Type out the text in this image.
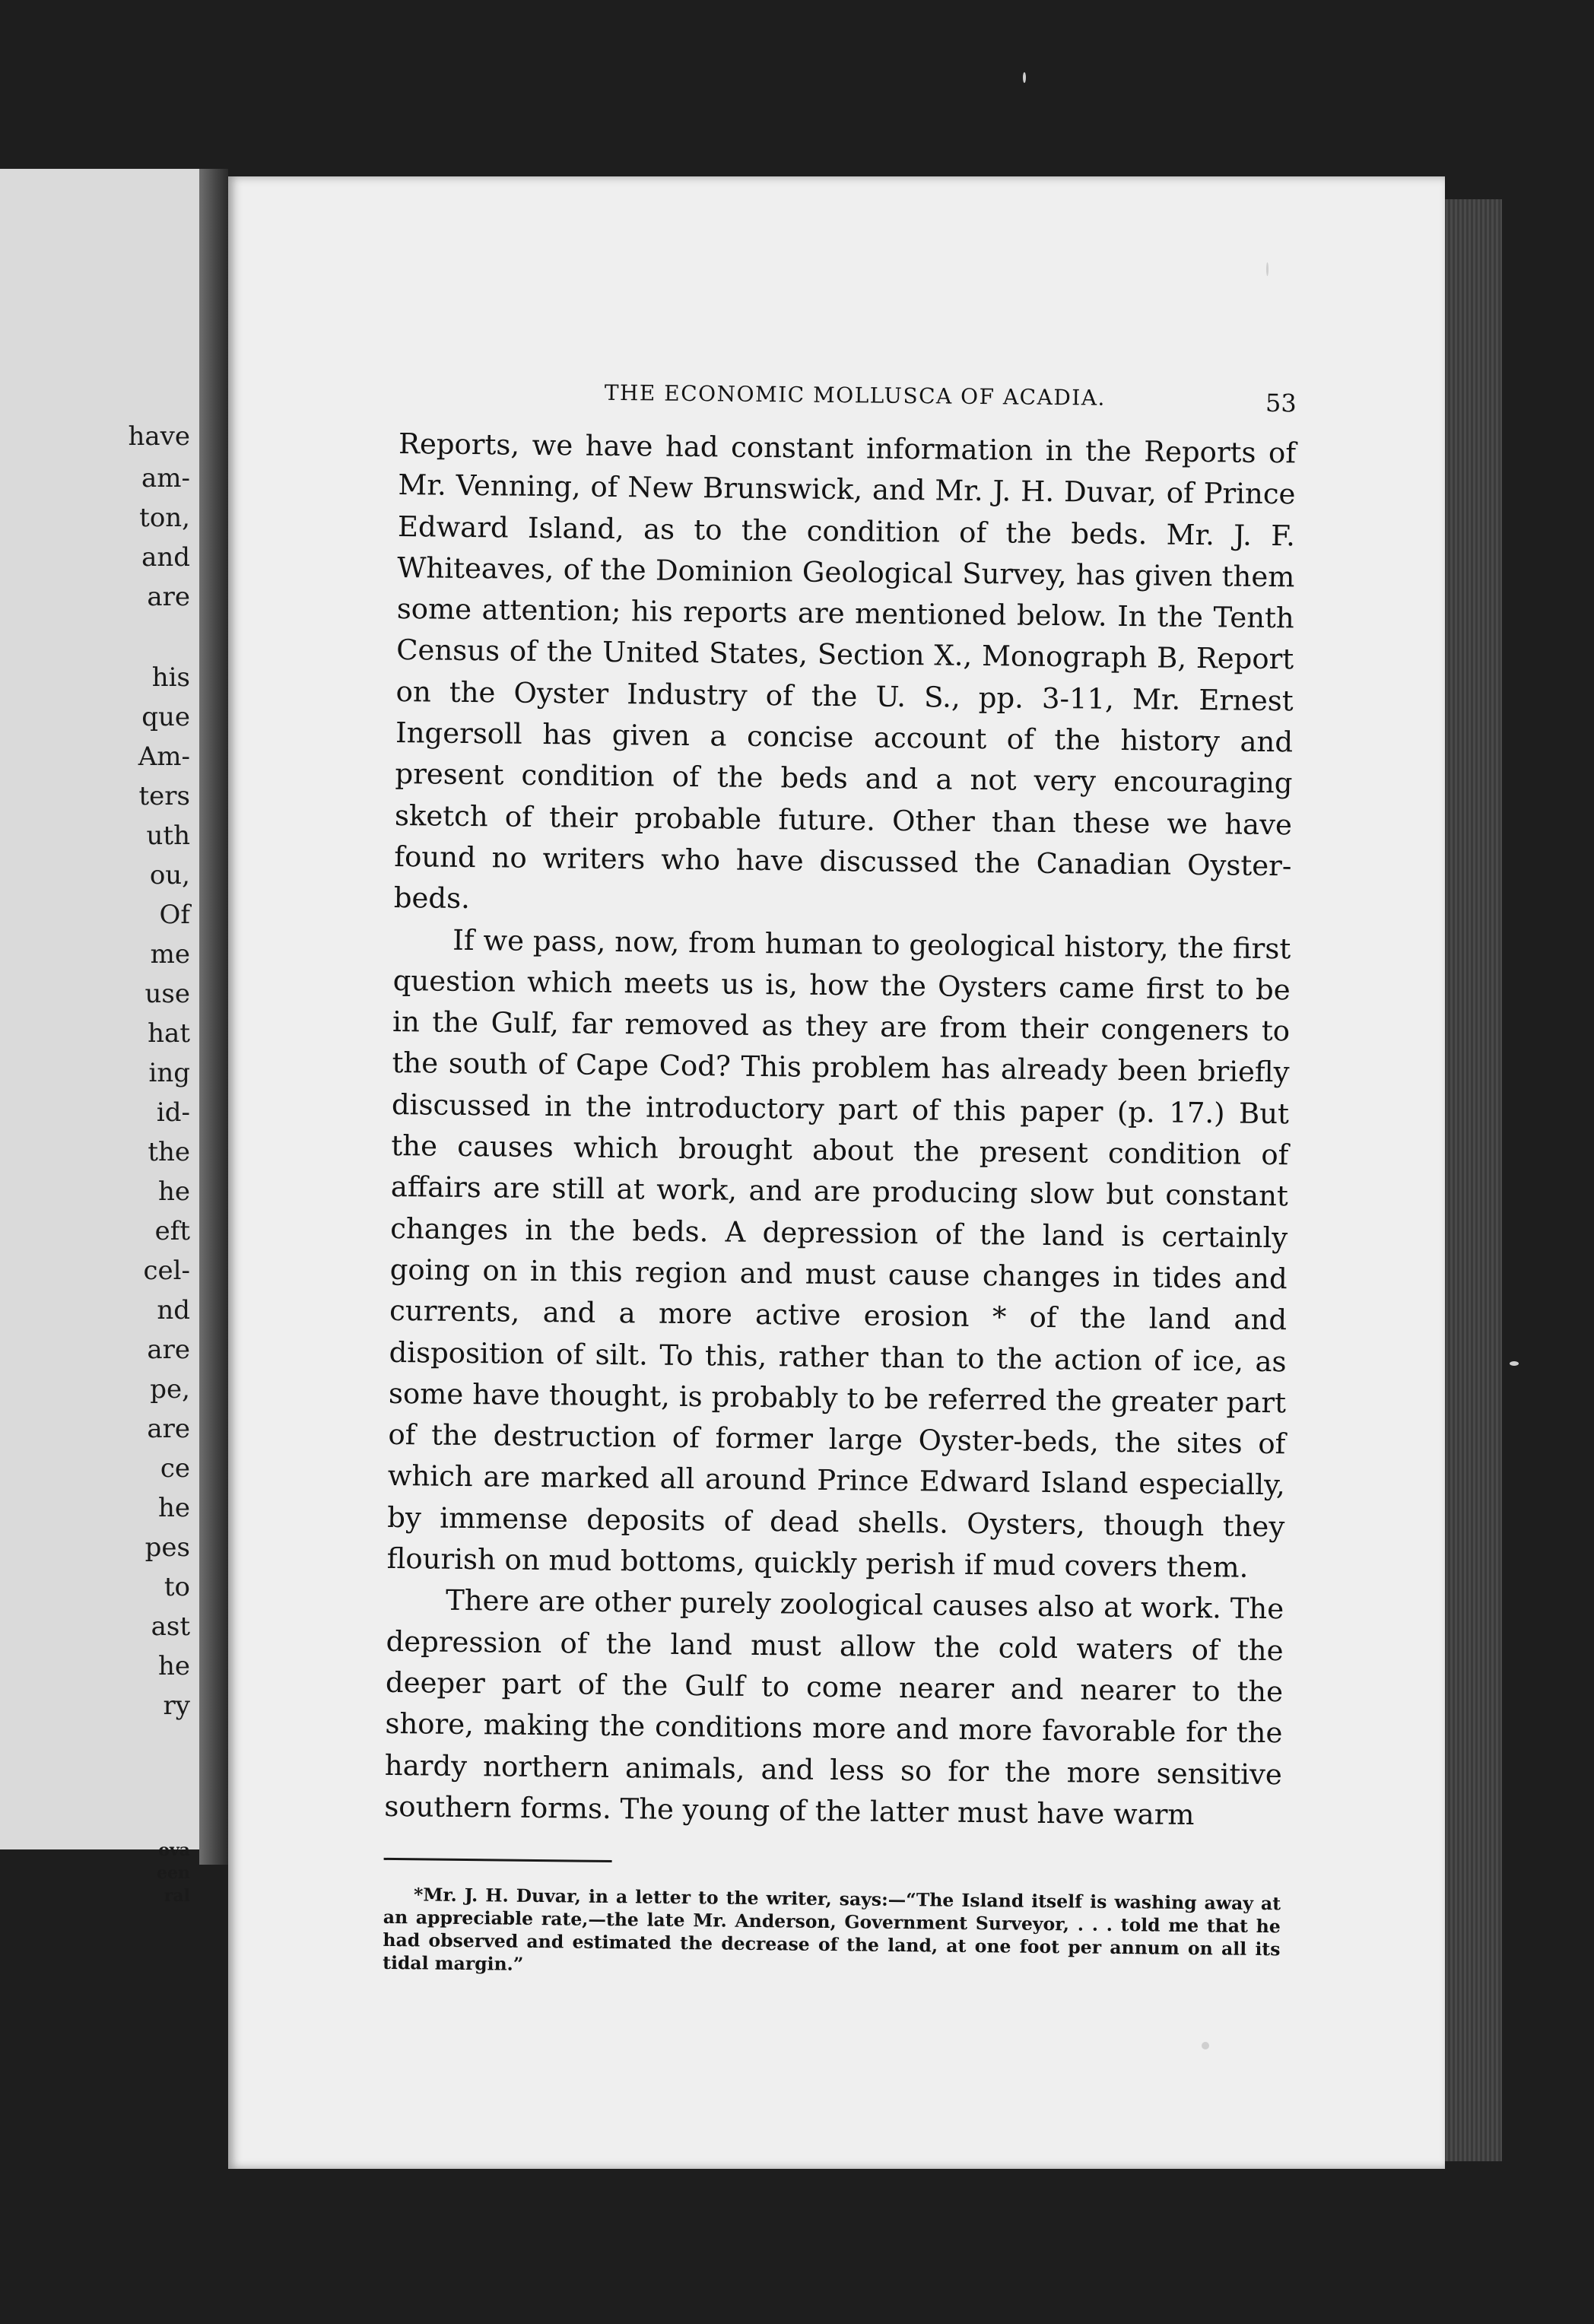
have
am-
ton,
and
are
his
que
Am-
ters
uth
ou,
Of
me
use
hat
ing
id-
the
he
eft
cel-
nd
are
pe,
are
ce
he
pes
to
ast
he
ry
ova
een
ral
THE ECONOMIC MOLLUSCA OF ACADIA.	53

Reports, we have had constant information in the Reports of Mr. Venning, of New Brunswick, and Mr. J. H. Duvar, of Prince Edward Island, as to the condition of the beds. Mr. J. F. Whiteaves, of the Dominion Geological Survey, has given them some attention; his reports are mentioned below. In the Tenth Census of the United States, Section X., Monograph B, Report on the Oyster Industry of the U. S., pp. 3-11, Mr. Ernest Ingersoll has given a concise account of the history and present condition of the beds and a not very encouraging sketch of their probable future. Other than these we have found no writers who have discussed the Canadian Oyster-beds.

If we pass, now, from human to geological history, the first question which meets us is, how the Oysters came first to be in the Gulf, far removed as they are from their congeners to the south of Cape Cod? This problem has already been briefly discussed in the introductory part of this paper (p. 17.) But the causes which brought about the present condition of affairs are still at work, and are producing slow but constant changes in the beds. A depression of the land is certainly going on in this region and must cause changes in tides and currents, and a more active erosion * of the land and disposition of silt. To this, rather than to the action of ice, as some have thought, is probably to be referred the greater part of the destruction of former large Oyster-beds, the sites of which are marked all around Prince Edward Island especially, by immense deposits of dead shells. Oysters, though they flourish on mud bottoms, quickly perish if mud covers them.

There are other purely zoological causes also at work. The depression of the land must allow the cold waters of the deeper part of the Gulf to come nearer and nearer to the shore, making the conditions more and more favorable for the hardy northern animals, and less so for the more sensitive southern forms. The young of the latter must have warm

*Mr. J. H. Duvar, in a letter to the writer, says:—“The Island itself is washing away at an appreciable rate,—the late Mr. Anderson, Government Surveyor, . . . told me that he had observed and estimated the decrease of the land, at one foot per annum on all its tidal margin.”
